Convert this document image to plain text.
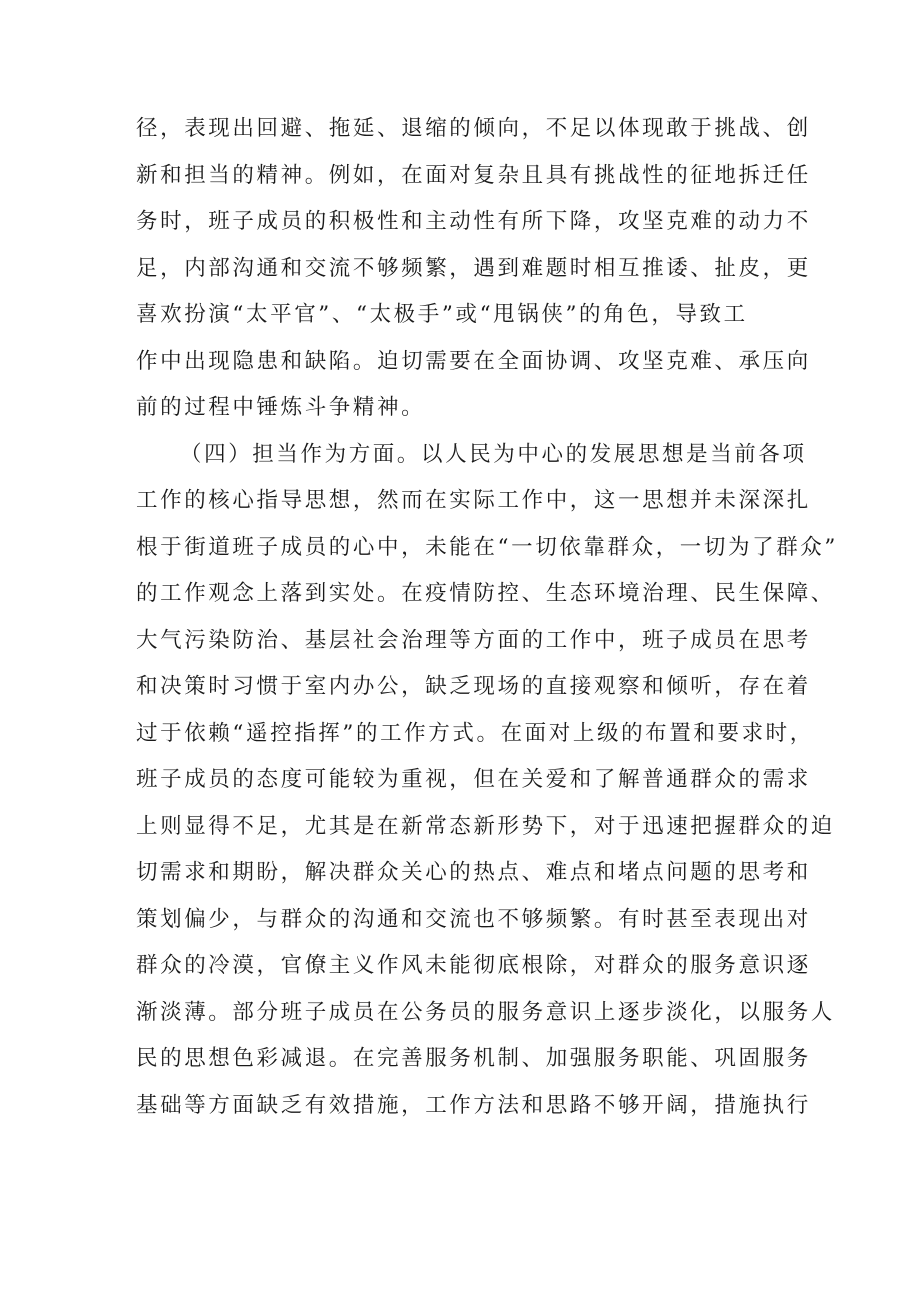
径，表现出回避、拖延、退缩的倾向，不足以体现敢于挑战、创
新和担当的精神。例如，在面对复杂且具有挑战性的征地拆迁任
务时，班子成员的积极性和主动性有所下降，攻坚克难的动力不
足，内部沟通和交流不够频繁，遇到难题时相互推诿、扯皮，更
喜欢扮演“太平官”、“太极手”或“甩锅侠”的角色，导致工
作中出现隐患和缺陷。迫切需要在全面协调、攻坚克难、承压向
前的过程中锤炼斗争精神。
（四）担当作为方面。以人民为中心的发展思想是当前各项
工作的核心指导思想，然而在实际工作中，这一思想并未深深扎
根于街道班子成员的心中，未能在“一切依靠群众，一切为了群众”
的工作观念上落到实处。在疫情防控、生态环境治理、民生保障、
大气污染防治、基层社会治理等方面的工作中，班子成员在思考
和决策时习惯于室内办公，缺乏现场的直接观察和倾听，存在着
过于依赖“遥控指挥”的工作方式。在面对上级的布置和要求时，
班子成员的态度可能较为重视，但在关爱和了解普通群众的需求
上则显得不足，尤其是在新常态新形势下，对于迅速把握群众的迫
切需求和期盼，解决群众关心的热点、难点和堵点问题的思考和
策划偏少，与群众的沟通和交流也不够频繁。有时甚至表现出对
群众的冷漠，官僚主义作风未能彻底根除，对群众的服务意识逐
渐淡薄。部分班子成员在公务员的服务意识上逐步淡化，以服务人
民的思想色彩减退。在完善服务机制、加强服务职能、巩固服务
基础等方面缺乏有效措施，工作方法和思路不够开阔，措施执行
